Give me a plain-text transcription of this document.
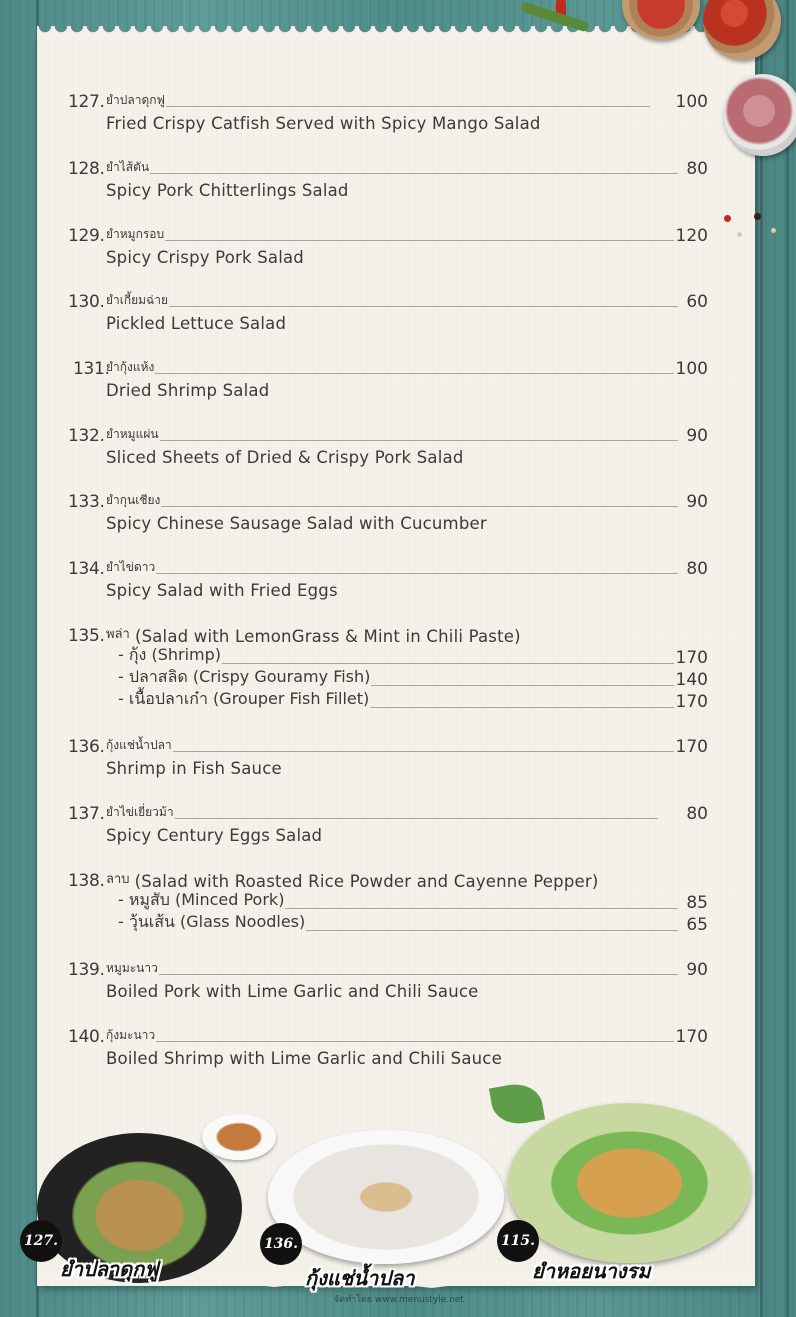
127. ยำปลาดุกฟู	100
Fried Crispy Catfish Served with Spicy Mango Salad
128. ยำไส้ตัน	80
Spicy Pork Chitterlings Salad
129. ยำหมูกรอบ	120
Spicy Crispy Pork Salad
130. ยำเกี้ยมฉ่าย	60
Pickled Lettuce Salad
131.
ยำกุ้งแห้ง	100
Dried Shrimp Salad
132. ยำหมูแผ่น	90
Sliced Sheets of Dried & Crispy Pork Salad
133. ยำกุนเชียง	90
Spicy Chinese Sausage Salad with Cucumber
134. ยำไข่ดาว	80
Spicy Salad with Fried Eggs
135. พล่า
(Salad with LemonGrass & Mint in Chili Paste)
- กุ้ง (Shrimp)	170
- ปลาสลิด (Crispy Gouramy Fish)	140
- เนื้อปลาเก๋า (Grouper Fish Fillet)	170
136. กุ้งแช่น้ำปลา	170
Shrimp in Fish Sauce
137. ยำไข่เยี่ยวม้า	80
Spicy Century Eggs Salad
138. ลาบ
(Salad with Roasted Rice Powder and Cayenne Pepper)
- หมูสับ (Minced Pork)	85
- วุ้นเส้น (Glass Noodles)	65
139. หมูมะนาว	90
Boiled Pork with Lime Garlic and Chili Sauce
140. กุ้งมะนาว	170
Boiled Shrimp with Lime Garlic and Chili Sauce
127.
ยำปลาดุกฟู
136.
กุ้งแช่น้ำปลา
115.
ยำหอยนางรม
จัดทำโดย www.menustyle.net
